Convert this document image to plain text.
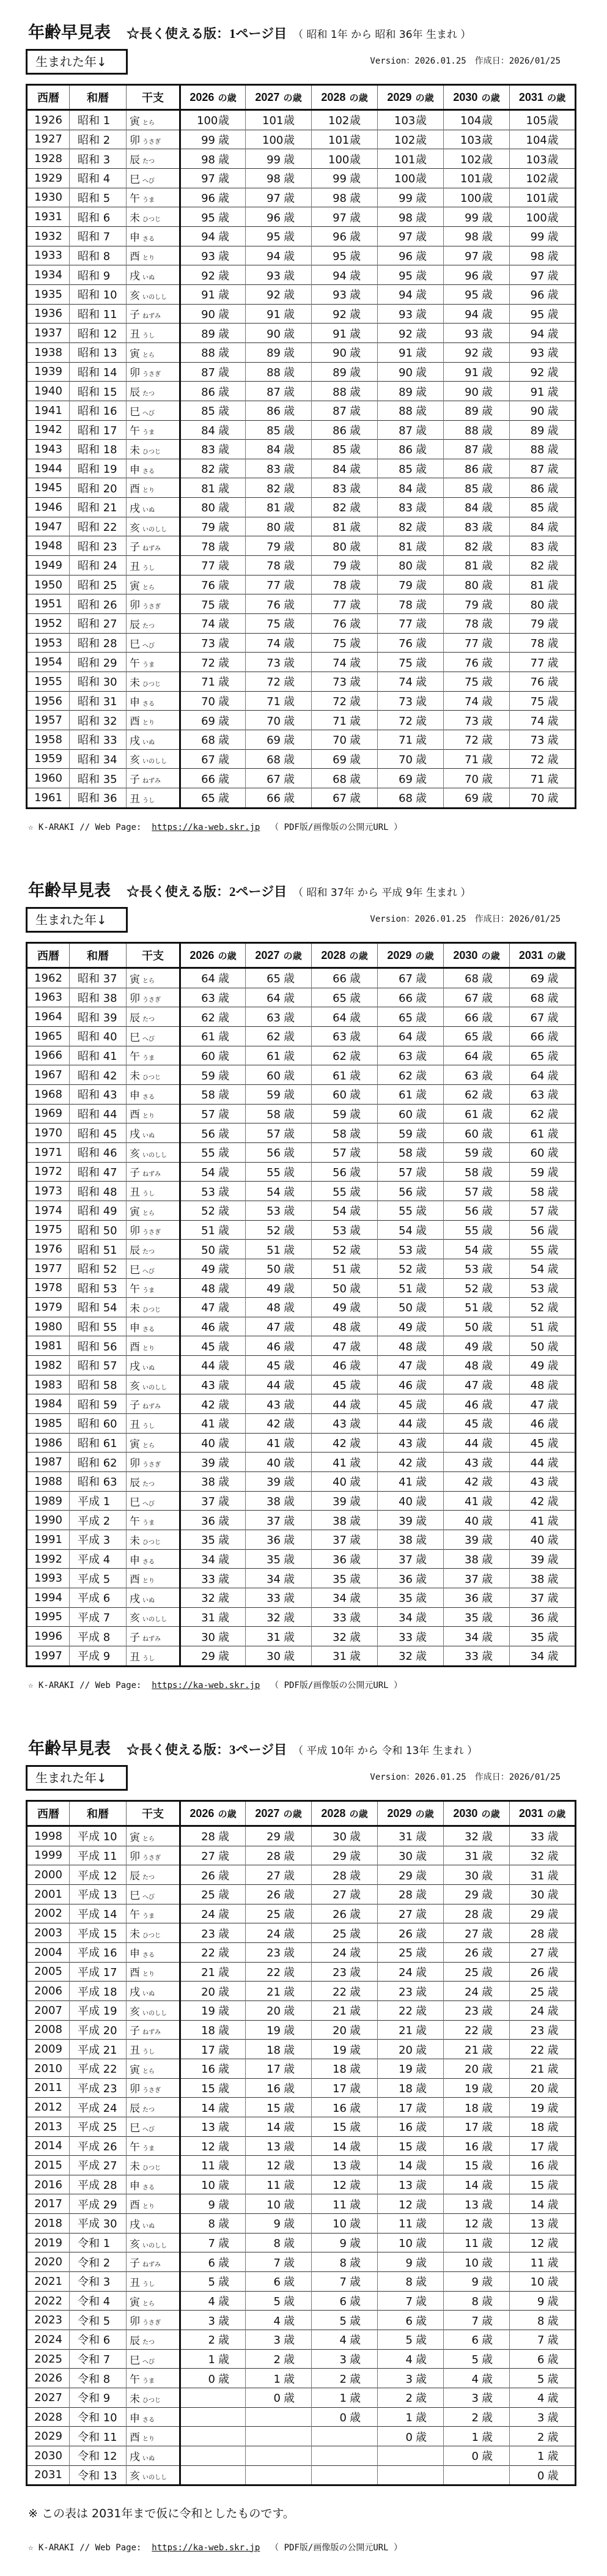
年齢早見表 ☆長く使える版：1ページ目 （ 昭和 1年 から 昭和 36年 生まれ ）
生まれた年↓	Version：2026.01.25　作成日：2026/01/25
西暦	和暦	干支	2026 の歳	2027 の歳	2028 の歳	2029 の歳	2030 の歳	2031 の歳
1926	昭和 1	寅 とら	100歳	101歳	102歳	103歳	104歳	105歳
1927	昭和 2	卯 うさぎ	99 歳	100歳	101歳	102歳	103歳	104歳
1928	昭和 3	辰 たつ	98 歳	99 歳	100歳	101歳	102歳	103歳
1929	昭和 4	巳 へび	97 歳	98 歳	99 歳	100歳	101歳	102歳
1930	昭和 5	午 うま	96 歳	97 歳	98 歳	99 歳	100歳	101歳
1931	昭和 6	未 ひつじ	95 歳	96 歳	97 歳	98 歳	99 歳	100歳
1932	昭和 7	申 さる	94 歳	95 歳	96 歳	97 歳	98 歳	99 歳
1933	昭和 8	酉 とり	93 歳	94 歳	95 歳	96 歳	97 歳	98 歳
1934	昭和 9	戌 いぬ	92 歳	93 歳	94 歳	95 歳	96 歳	97 歳
1935	昭和 10	亥 いのしし	91 歳	92 歳	93 歳	94 歳	95 歳	96 歳
1936	昭和 11	子 ねずみ	90 歳	91 歳	92 歳	93 歳	94 歳	95 歳
1937	昭和 12	丑 うし	89 歳	90 歳	91 歳	92 歳	93 歳	94 歳
1938	昭和 13	寅 とら	88 歳	89 歳	90 歳	91 歳	92 歳	93 歳
1939	昭和 14	卯 うさぎ	87 歳	88 歳	89 歳	90 歳	91 歳	92 歳
1940	昭和 15	辰 たつ	86 歳	87 歳	88 歳	89 歳	90 歳	91 歳
1941	昭和 16	巳 へび	85 歳	86 歳	87 歳	88 歳	89 歳	90 歳
1942	昭和 17	午 うま	84 歳	85 歳	86 歳	87 歳	88 歳	89 歳
1943	昭和 18	未 ひつじ	83 歳	84 歳	85 歳	86 歳	87 歳	88 歳
1944	昭和 19	申 さる	82 歳	83 歳	84 歳	85 歳	86 歳	87 歳
1945	昭和 20	酉 とり	81 歳	82 歳	83 歳	84 歳	85 歳	86 歳
1946	昭和 21	戌 いぬ	80 歳	81 歳	82 歳	83 歳	84 歳	85 歳
1947	昭和 22	亥 いのしし	79 歳	80 歳	81 歳	82 歳	83 歳	84 歳
1948	昭和 23	子 ねずみ	78 歳	79 歳	80 歳	81 歳	82 歳	83 歳
1949	昭和 24	丑 うし	77 歳	78 歳	79 歳	80 歳	81 歳	82 歳
1950	昭和 25	寅 とら	76 歳	77 歳	78 歳	79 歳	80 歳	81 歳
1951	昭和 26	卯 うさぎ	75 歳	76 歳	77 歳	78 歳	79 歳	80 歳
1952	昭和 27	辰 たつ	74 歳	75 歳	76 歳	77 歳	78 歳	79 歳
1953	昭和 28	巳 へび	73 歳	74 歳	75 歳	76 歳	77 歳	78 歳
1954	昭和 29	午 うま	72 歳	73 歳	74 歳	75 歳	76 歳	77 歳
1955	昭和 30	未 ひつじ	71 歳	72 歳	73 歳	74 歳	75 歳	76 歳
1956	昭和 31	申 さる	70 歳	71 歳	72 歳	73 歳	74 歳	75 歳
1957	昭和 32	酉 とり	69 歳	70 歳	71 歳	72 歳	73 歳	74 歳
1958	昭和 33	戌 いぬ	68 歳	69 歳	70 歳	71 歳	72 歳	73 歳
1959	昭和 34	亥 いのしし	67 歳	68 歳	69 歳	70 歳	71 歳	72 歳
1960	昭和 35	子 ねずみ	66 歳	67 歳	68 歳	69 歳	70 歳	71 歳
1961	昭和 36	丑 うし	65 歳	66 歳	67 歳	68 歳	69 歳	70 歳
☆ K-ARAKI // Web Page: https://ka-web.skr.jp （ PDF版/画像版の公開元URL ）
年齢早見表 ☆長く使える版：2ページ目 （ 昭和 37年 から 平成 9年 生まれ ）
生まれた年↓	Version：2026.01.25　作成日：2026/01/25
西暦	和暦	干支	2026 の歳	2027 の歳	2028 の歳	2029 の歳	2030 の歳	2031 の歳
1962	昭和 37	寅 とら	64 歳	65 歳	66 歳	67 歳	68 歳	69 歳
1963	昭和 38	卯 うさぎ	63 歳	64 歳	65 歳	66 歳	67 歳	68 歳
1964	昭和 39	辰 たつ	62 歳	63 歳	64 歳	65 歳	66 歳	67 歳
1965	昭和 40	巳 へび	61 歳	62 歳	63 歳	64 歳	65 歳	66 歳
1966	昭和 41	午 うま	60 歳	61 歳	62 歳	63 歳	64 歳	65 歳
1967	昭和 42	未 ひつじ	59 歳	60 歳	61 歳	62 歳	63 歳	64 歳
1968	昭和 43	申 さる	58 歳	59 歳	60 歳	61 歳	62 歳	63 歳
1969	昭和 44	酉 とり	57 歳	58 歳	59 歳	60 歳	61 歳	62 歳
1970	昭和 45	戌 いぬ	56 歳	57 歳	58 歳	59 歳	60 歳	61 歳
1971	昭和 46	亥 いのしし	55 歳	56 歳	57 歳	58 歳	59 歳	60 歳
1972	昭和 47	子 ねずみ	54 歳	55 歳	56 歳	57 歳	58 歳	59 歳
1973	昭和 48	丑 うし	53 歳	54 歳	55 歳	56 歳	57 歳	58 歳
1974	昭和 49	寅 とら	52 歳	53 歳	54 歳	55 歳	56 歳	57 歳
1975	昭和 50	卯 うさぎ	51 歳	52 歳	53 歳	54 歳	55 歳	56 歳
1976	昭和 51	辰 たつ	50 歳	51 歳	52 歳	53 歳	54 歳	55 歳
1977	昭和 52	巳 へび	49 歳	50 歳	51 歳	52 歳	53 歳	54 歳
1978	昭和 53	午 うま	48 歳	49 歳	50 歳	51 歳	52 歳	53 歳
1979	昭和 54	未 ひつじ	47 歳	48 歳	49 歳	50 歳	51 歳	52 歳
1980	昭和 55	申 さる	46 歳	47 歳	48 歳	49 歳	50 歳	51 歳
1981	昭和 56	酉 とり	45 歳	46 歳	47 歳	48 歳	49 歳	50 歳
1982	昭和 57	戌 いぬ	44 歳	45 歳	46 歳	47 歳	48 歳	49 歳
1983	昭和 58	亥 いのしし	43 歳	44 歳	45 歳	46 歳	47 歳	48 歳
1984	昭和 59	子 ねずみ	42 歳	43 歳	44 歳	45 歳	46 歳	47 歳
1985	昭和 60	丑 うし	41 歳	42 歳	43 歳	44 歳	45 歳	46 歳
1986	昭和 61	寅 とら	40 歳	41 歳	42 歳	43 歳	44 歳	45 歳
1987	昭和 62	卯 うさぎ	39 歳	40 歳	41 歳	42 歳	43 歳	44 歳
1988	昭和 63	辰 たつ	38 歳	39 歳	40 歳	41 歳	42 歳	43 歳
1989	平成 1	巳 へび	37 歳	38 歳	39 歳	40 歳	41 歳	42 歳
1990	平成 2	午 うま	36 歳	37 歳	38 歳	39 歳	40 歳	41 歳
1991	平成 3	未 ひつじ	35 歳	36 歳	37 歳	38 歳	39 歳	40 歳
1992	平成 4	申 さる	34 歳	35 歳	36 歳	37 歳	38 歳	39 歳
1993	平成 5	酉 とり	33 歳	34 歳	35 歳	36 歳	37 歳	38 歳
1994	平成 6	戌 いぬ	32 歳	33 歳	34 歳	35 歳	36 歳	37 歳
1995	平成 7	亥 いのしし	31 歳	32 歳	33 歳	34 歳	35 歳	36 歳
1996	平成 8	子 ねずみ	30 歳	31 歳	32 歳	33 歳	34 歳	35 歳
1997	平成 9	丑 うし	29 歳	30 歳	31 歳	32 歳	33 歳	34 歳
☆ K-ARAKI // Web Page: https://ka-web.skr.jp （ PDF版/画像版の公開元URL ）
年齢早見表 ☆長く使える版：3ページ目 （ 平成 10年 から 令和 13年 生まれ ）
生まれた年↓	Version：2026.01.25　作成日：2026/01/25
西暦	和暦	干支	2026 の歳	2027 の歳	2028 の歳	2029 の歳	2030 の歳	2031 の歳
1998	平成 10	寅 とら	28 歳	29 歳	30 歳	31 歳	32 歳	33 歳
1999	平成 11	卯 うさぎ	27 歳	28 歳	29 歳	30 歳	31 歳	32 歳
2000	平成 12	辰 たつ	26 歳	27 歳	28 歳	29 歳	30 歳	31 歳
2001	平成 13	巳 へび	25 歳	26 歳	27 歳	28 歳	29 歳	30 歳
2002	平成 14	午 うま	24 歳	25 歳	26 歳	27 歳	28 歳	29 歳
2003	平成 15	未 ひつじ	23 歳	24 歳	25 歳	26 歳	27 歳	28 歳
2004	平成 16	申 さる	22 歳	23 歳	24 歳	25 歳	26 歳	27 歳
2005	平成 17	酉 とり	21 歳	22 歳	23 歳	24 歳	25 歳	26 歳
2006	平成 18	戌 いぬ	20 歳	21 歳	22 歳	23 歳	24 歳	25 歳
2007	平成 19	亥 いのしし	19 歳	20 歳	21 歳	22 歳	23 歳	24 歳
2008	平成 20	子 ねずみ	18 歳	19 歳	20 歳	21 歳	22 歳	23 歳
2009	平成 21	丑 うし	17 歳	18 歳	19 歳	20 歳	21 歳	22 歳
2010	平成 22	寅 とら	16 歳	17 歳	18 歳	19 歳	20 歳	21 歳
2011	平成 23	卯 うさぎ	15 歳	16 歳	17 歳	18 歳	19 歳	20 歳
2012	平成 24	辰 たつ	14 歳	15 歳	16 歳	17 歳	18 歳	19 歳
2013	平成 25	巳 へび	13 歳	14 歳	15 歳	16 歳	17 歳	18 歳
2014	平成 26	午 うま	12 歳	13 歳	14 歳	15 歳	16 歳	17 歳
2015	平成 27	未 ひつじ	11 歳	12 歳	13 歳	14 歳	15 歳	16 歳
2016	平成 28	申 さる	10 歳	11 歳	12 歳	13 歳	14 歳	15 歳
2017	平成 29	酉 とり	9 歳	10 歳	11 歳	12 歳	13 歳	14 歳
2018	平成 30	戌 いぬ	8 歳	9 歳	10 歳	11 歳	12 歳	13 歳
2019	令和 1	亥 いのしし	7 歳	8 歳	9 歳	10 歳	11 歳	12 歳
2020	令和 2	子 ねずみ	6 歳	7 歳	8 歳	9 歳	10 歳	11 歳
2021	令和 3	丑 うし	5 歳	6 歳	7 歳	8 歳	9 歳	10 歳
2022	令和 4	寅 とら	4 歳	5 歳	6 歳	7 歳	8 歳	9 歳
2023	令和 5	卯 うさぎ	3 歳	4 歳	5 歳	6 歳	7 歳	8 歳
2024	令和 6	辰 たつ	2 歳	3 歳	4 歳	5 歳	6 歳	7 歳
2025	令和 7	巳 へび	1 歳	2 歳	3 歳	4 歳	5 歳	6 歳
2026	令和 8	午 うま	0 歳	1 歳	2 歳	3 歳	4 歳	5 歳
2027	令和 9	未 ひつじ		0 歳	1 歳	2 歳	3 歳	4 歳
2028	令和 10	申 さる			0 歳	1 歳	2 歳	3 歳
2029	令和 11	酉 とり				0 歳	1 歳	2 歳
2030	令和 12	戌 いぬ					0 歳	1 歳
2031	令和 13	亥 いのしし						0 歳
※ この表は 2031年まで仮に令和としたものです。
☆ K-ARAKI // Web Page: https://ka-web.skr.jp （ PDF版/画像版の公開元URL ）
